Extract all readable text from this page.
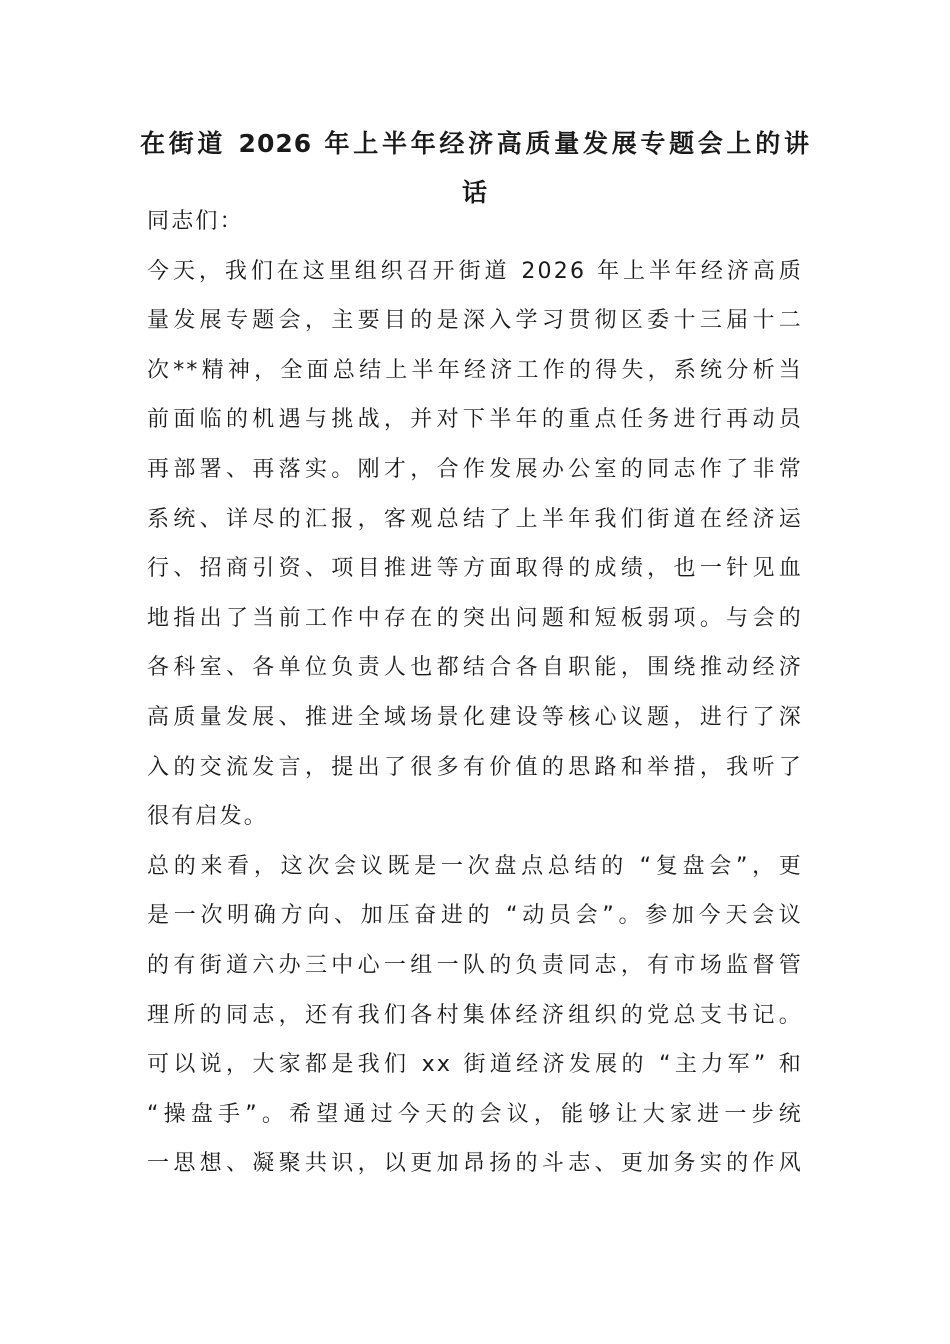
在街道 2026 年上半年经济高质量发展专题会上的讲
话
同志们：
今天，我们在这里组织召开街道 2026 年上半年经济高质
量发展专题会，主要目的是深入学习贯彻区委十三届十二
次**精神，全面总结上半年经济工作的得失，系统分析当
前面临的机遇与挑战，并对下半年的重点任务进行再动员
再部署、再落实。刚才，合作发展办公室的同志作了非常
系统、详尽的汇报，客观总结了上半年我们街道在经济运
行、招商引资、项目推进等方面取得的成绩，也一针见血
地指出了当前工作中存在的突出问题和短板弱项。与会的
各科室、各单位负责人也都结合各自职能，围绕推动经济
高质量发展、推进全域场景化建设等核心议题，进行了深
入的交流发言，提出了很多有价值的思路和举措，我听了
很有启发。
总的来看，这次会议既是一次盘点总结的 “复盘会”，更
是一次明确方向、加压奋进的 “动员会”。参加今天会议
的有街道六办三中心一组一队的负责同志，有市场监督管
理所的同志，还有我们各村集体经济组织的党总支书记。
可以说，大家都是我们 xx 街道经济发展的 “主力军” 和
“操盘手”。希望通过今天的会议，能够让大家进一步统
一思想、凝聚共识，以更加昂扬的斗志、更加务实的作风
